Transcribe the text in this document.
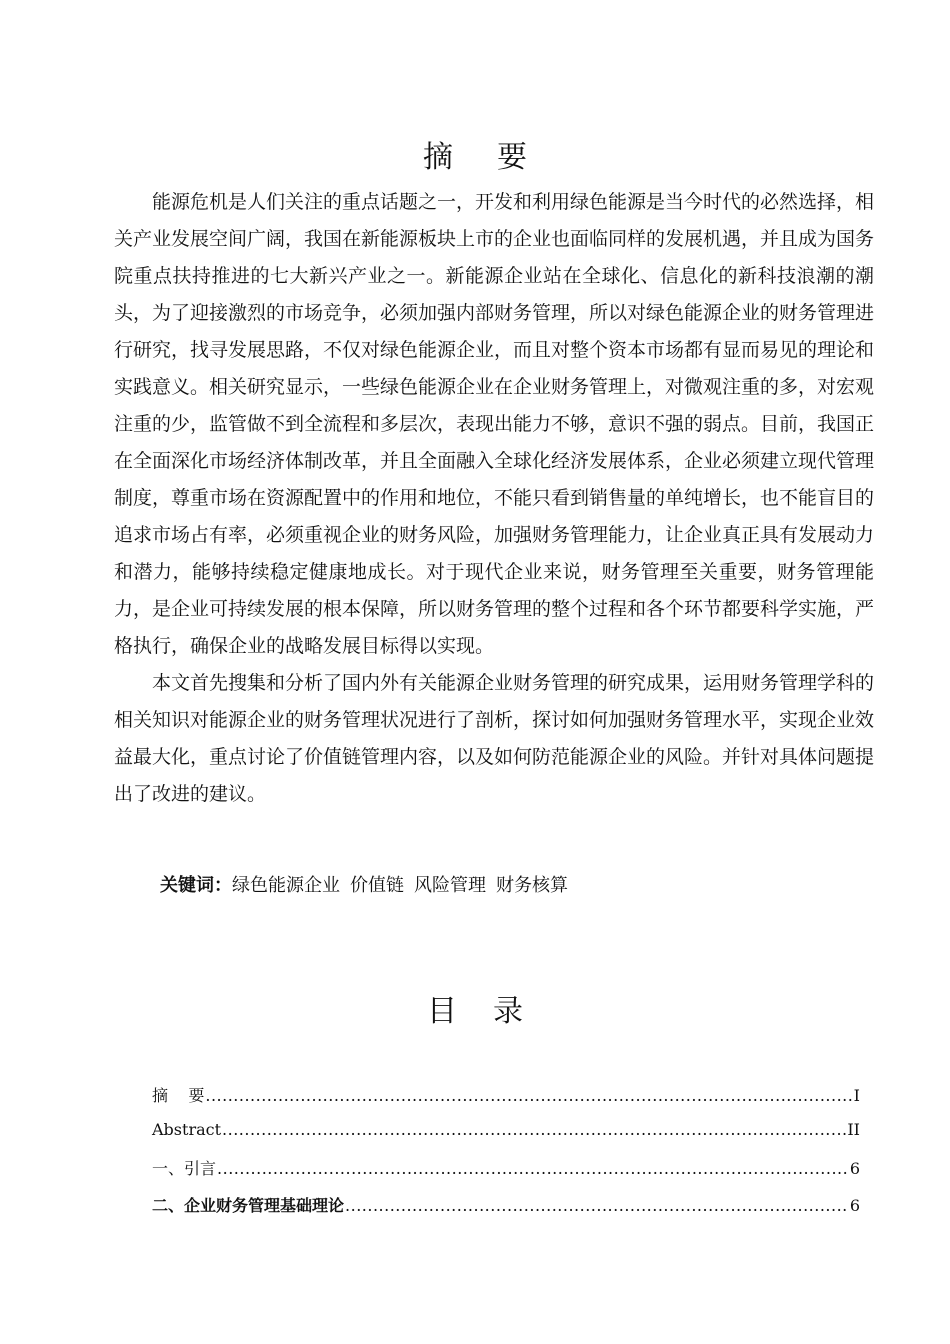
摘 要

能源危机是人们关注的重点话题之一，开发和利用绿色能源是当今时代的必然选择，相关产业发展空间广阔，我国在新能源板块上市的企业也面临同样的发展机遇，并且成为国务院重点扶持推进的七大新兴产业之一。新能源企业站在全球化、信息化的新科技浪潮的潮头，为了迎接激烈的市场竞争，必须加强内部财务管理，所以对绿色能源企业的财务管理进行研究，找寻发展思路，不仅对绿色能源企业，而且对整个资本市场都有显而易见的理论和实践意义。相关研究显示，一些绿色能源企业在企业财务管理上，对微观注重的多，对宏观注重的少，监管做不到全流程和多层次，表现出能力不够，意识不强的弱点。目前，我国正在全面深化市场经济体制改革，并且全面融入全球化经济发展体系，企业必须建立现代管理制度，尊重市场在资源配置中的作用和地位，不能只看到销售量的单纯增长，也不能盲目的追求市场占有率，必须重视企业的财务风险，加强财务管理能力，让企业真正具有发展动力和潜力，能够持续稳定健康地成长。对于现代企业来说，财务管理至关重要，财务管理能力，是企业可持续发展的根本保障，所以财务管理的整个过程和各个环节都要科学实施，严格执行，确保企业的战略发展目标得以实现。

本文首先搜集和分析了国内外有关能源企业财务管理的研究成果，运用财务管理学科的相关知识对能源企业的财务管理状况进行了剖析，探讨如何加强财务管理水平，实现企业效益最大化，重点讨论了价值链管理内容，以及如何防范能源企业的风险。并针对具体问题提出了改进的建议。

关键词：绿色能源企业 价值链 风险管理 财务核算
目 录
摘    要 .....	I
Abstract .....	II
一、引言 .....	6
二、企业财务管理基础理论 .....	6
